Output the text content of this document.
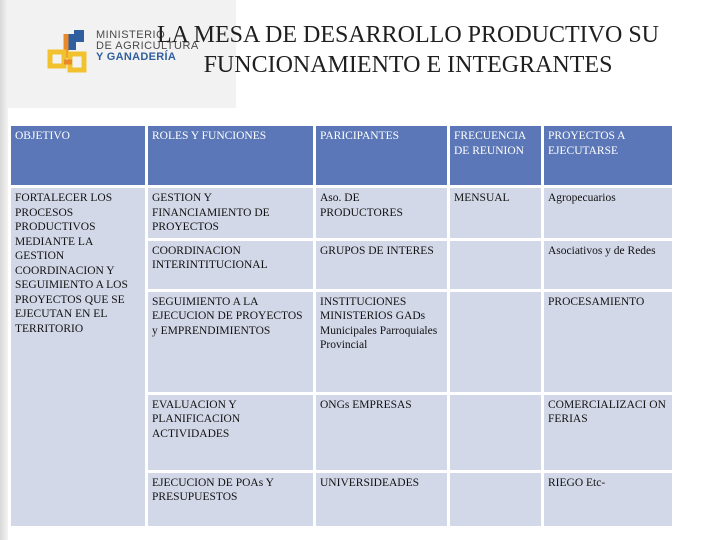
MINISTERIO
DE AGRICULTURA
Y GANADERÍA
LA MESA DE DESARROLLO PRODUCTIVO SU FUNCIONAMIENTO E INTEGRANTES
OBJETIVO	ROLES Y FUNCIONES	PARICIPANTES	FRECUENCIA DE REUNION	PROYECTOS A EJECUTARSE
FORTALECER LOS PROCESOS PRODUCTIVOS MEDIANTE LA GESTION COORDINACION Y SEGUIMIENTO A LOS PROYECTOS QUE SE EJECUTAN EN EL TERRITORIO	GESTION Y FINANCIAMIENTO DE PROYECTOS	Aso. DE PRODUCTORES	MENSUAL	Agropecuarios
	COORDINACION INTERINTITUCIONAL	GRUPOS DE INTERES		Asociativos y de Redes
	SEGUIMIENTO A LA EJECUCION DE PROYECTOS y EMPRENDIMIENTOS	INSTITUCIONES MINISTERIOS GADs Municipales Parroquiales Provincial		PROCESAMIENTO
	EVALUACION Y PLANIFICACION ACTIVIDADES	ONGs EMPRESAS		COMERCIALIZACI ON FERIAS
	EJECUCION DE POAs Y PRESUPUESTOS	UNIVERSIDEADES		RIEGO Etc-
